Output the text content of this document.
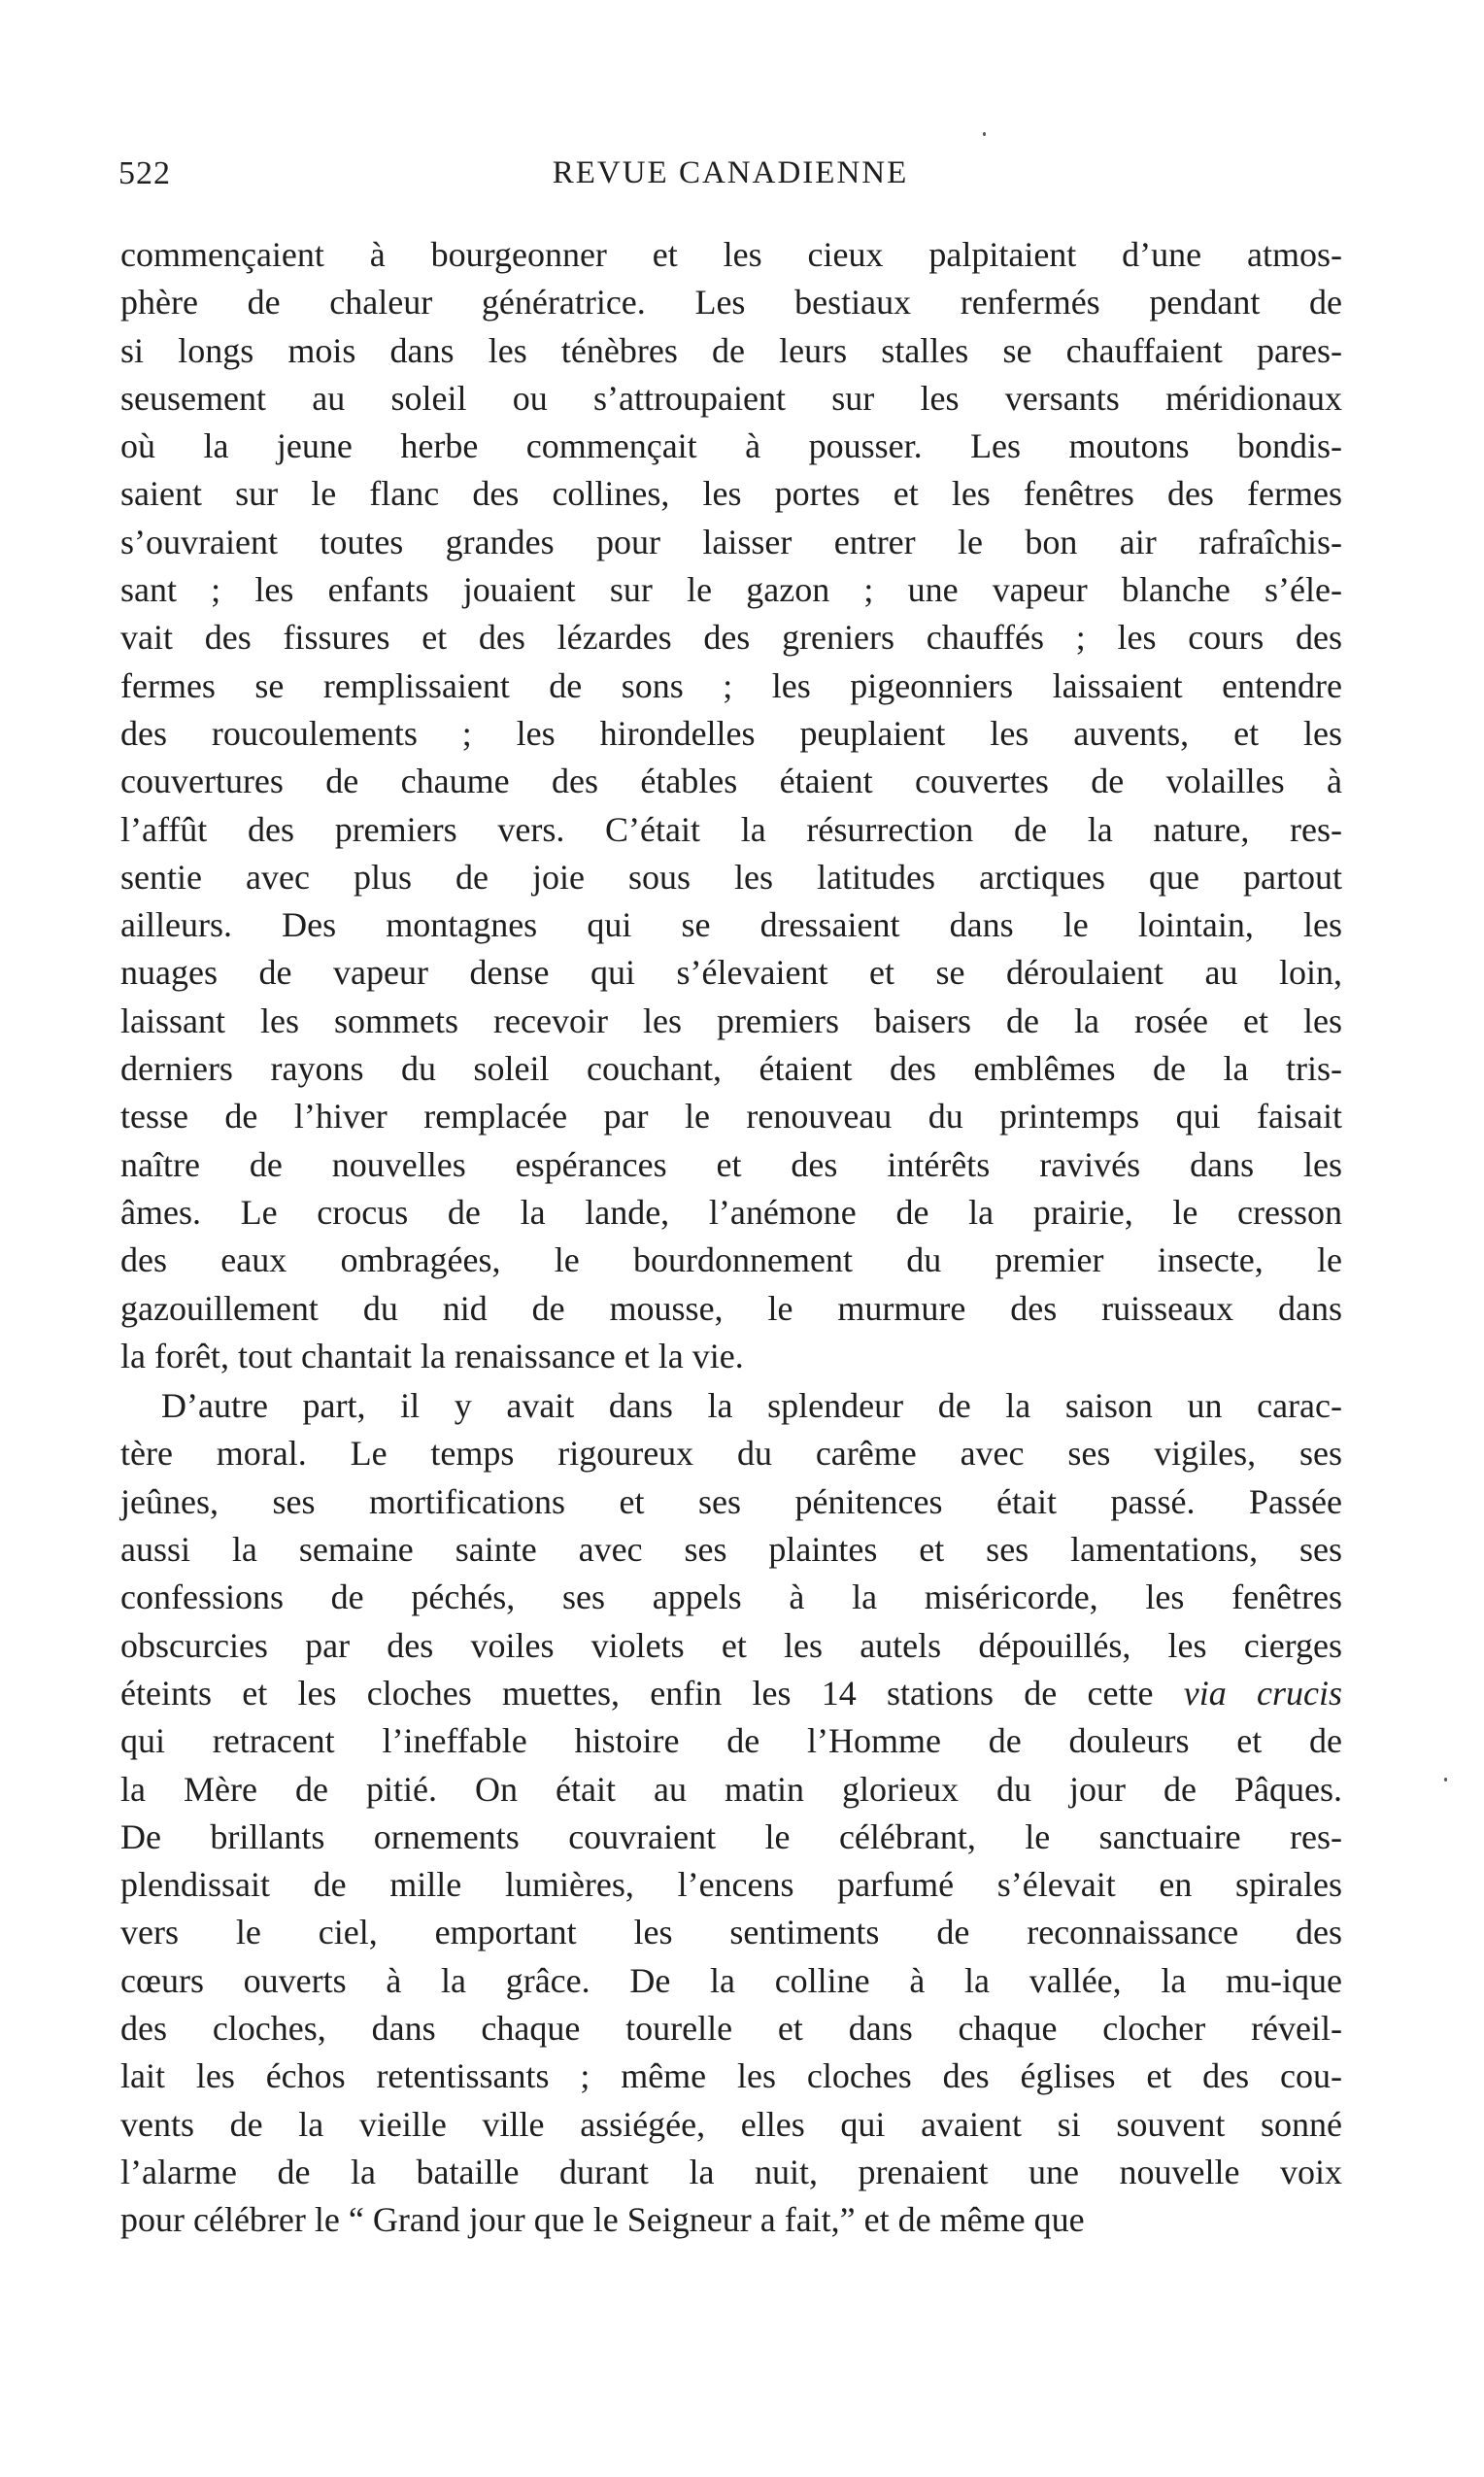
522	REVUE CANADIENNE
commençaient à bourgeonner et les cieux palpitaient d’une atmos-
phère de chaleur génératrice. Les bestiaux renfermés pendant de
si longs mois dans les ténèbres de leurs stalles se chauffaient pares-
seusement au soleil ou s’attroupaient sur les versants méridionaux
où la jeune herbe commençait à pousser. Les moutons bondis-
saient sur le flanc des collines, les portes et les fenêtres des fermes
s’ouvraient toutes grandes pour laisser entrer le bon air rafraîchis-
sant ; les enfants jouaient sur le gazon ; une vapeur blanche s’éle-
vait des fissures et des lézardes des greniers chauffés ; les cours des
fermes se remplissaient de sons ; les pigeonniers laissaient entendre
des roucoulements ; les hirondelles peuplaient les auvents, et les
couvertures de chaume des étables étaient couvertes de volailles à
l’affût des premiers vers. C’était la résurrection de la nature, res-
sentie avec plus de joie sous les latitudes arctiques que partout
ailleurs. Des montagnes qui se dressaient dans le lointain, les
nuages de vapeur dense qui s’élevaient et se déroulaient au loin,
laissant les sommets recevoir les premiers baisers de la rosée et les
derniers rayons du soleil couchant, étaient des emblêmes de la tris-
tesse de l’hiver remplacée par le renouveau du printemps qui faisait
naître de nouvelles espérances et des intérêts ravivés dans les
âmes. Le crocus de la lande, l’anémone de la prairie, le cresson
des eaux ombragées, le bourdonnement du premier insecte, le
gazouillement du nid de mousse, le murmure des ruisseaux dans
la forêt, tout chantait la renaissance et la vie.
D’autre part, il y avait dans la splendeur de la saison un carac-
tère moral. Le temps rigoureux du carême avec ses vigiles, ses
jeûnes, ses mortifications et ses pénitences était passé. Passée
aussi la semaine sainte avec ses plaintes et ses lamentations, ses
confessions de péchés, ses appels à la miséricorde, les fenêtres
obscurcies par des voiles violets et les autels dépouillés, les cierges
éteints et les cloches muettes, enfin les 14 stations de cette via crucis
qui retracent l’ineffable histoire de l’Homme de douleurs et de
la Mère de pitié. On était au matin glorieux du jour de Pâques.
De brillants ornements couvraient le célébrant, le sanctuaire res-
plendissait de mille lumières, l’encens parfumé s’élevait en spirales
vers le ciel, emportant les sentiments de reconnaissance des
cœurs ouverts à la grâce. De la colline à la vallée, la mu-ique
des cloches, dans chaque tourelle et dans chaque clocher réveil-
lait les échos retentissants ; même les cloches des églises et des cou-
vents de la vieille ville assiégée, elles qui avaient si souvent sonné
l’alarme de la bataille durant la nuit, prenaient une nouvelle voix
pour célébrer le “ Grand jour que le Seigneur a fait,” et de même que
